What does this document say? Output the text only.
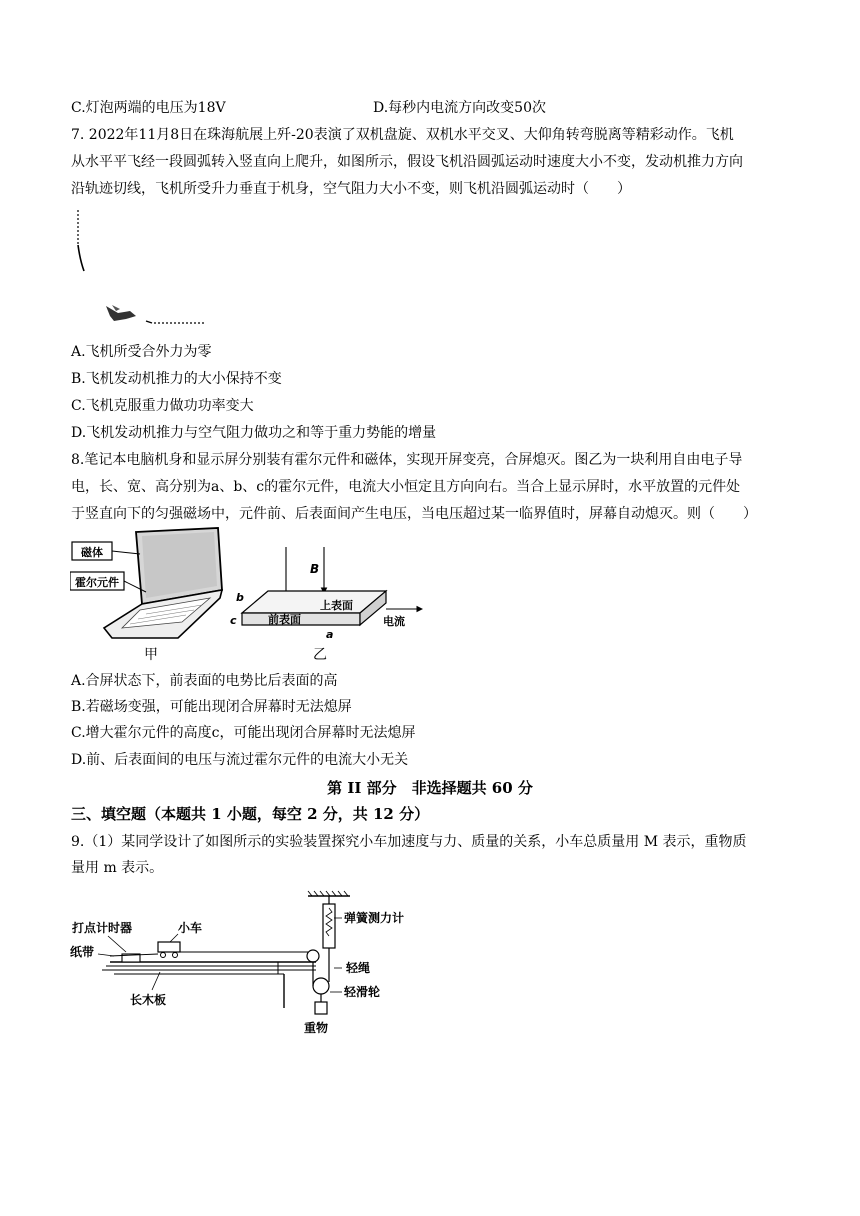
C.灯泡两端的电压为18V	D.每秒内电流方向改变50次
7. 2022年11月8日在珠海航展上歼-20表演了双机盘旋、双机水平交叉、大仰角转弯脱离等精彩动作。飞机
从水平平飞经一段圆弧转入竖直向上爬升，如图所示，假设飞机沿圆弧运动时速度大小不变，发动机推力方向
沿轨迹切线，飞机所受升力垂直于机身，空气阻力大小不变，则飞机沿圆弧运动时（　　）
A.飞机所受合外力为零
B.飞机发动机推力的大小保持不变
C.飞机克服重力做功功率变大
D.飞机发动机推力与空气阻力做功之和等于重力势能的增量
8.笔记本电脑机身和显示屏分别装有霍尔元件和磁体，实现开屏变亮，合屏熄灭。图乙为一块利用自由电子导
电，长、宽、高分别为a、b、c的霍尔元件，电流大小恒定且方向向右。当合上显示屏时，水平放置的元件处
于竖直向下的匀强磁场中，元件前、后表面间产生电压，当电压超过某一临界值时，屏幕自动熄灭。则（　　）
磁体
霍尔元件
甲
B
上表面
前表面
b
c
a
电流
乙
A.合屏状态下，前表面的电势比后表面的高
B.若磁场变强，可能出现闭合屏幕时无法熄屏
C.增大霍尔元件的高度c，可能出现闭合屏幕时无法熄屏
D.前、后表面间的电压与流过霍尔元件的电流大小无关
第 II 部分　非选择题共 60 分
三、填空题（本题共 1 小题，每空 2 分，共 12 分）
9.（1）某同学设计了如图所示的实验装置探究小车加速度与力、质量的关系，小车总质量用 M 表示，重物质
量用 m 表示。
弹簧测力计
轻绳
轻滑轮
重物
打点计时器	小车
纸带
长木板
